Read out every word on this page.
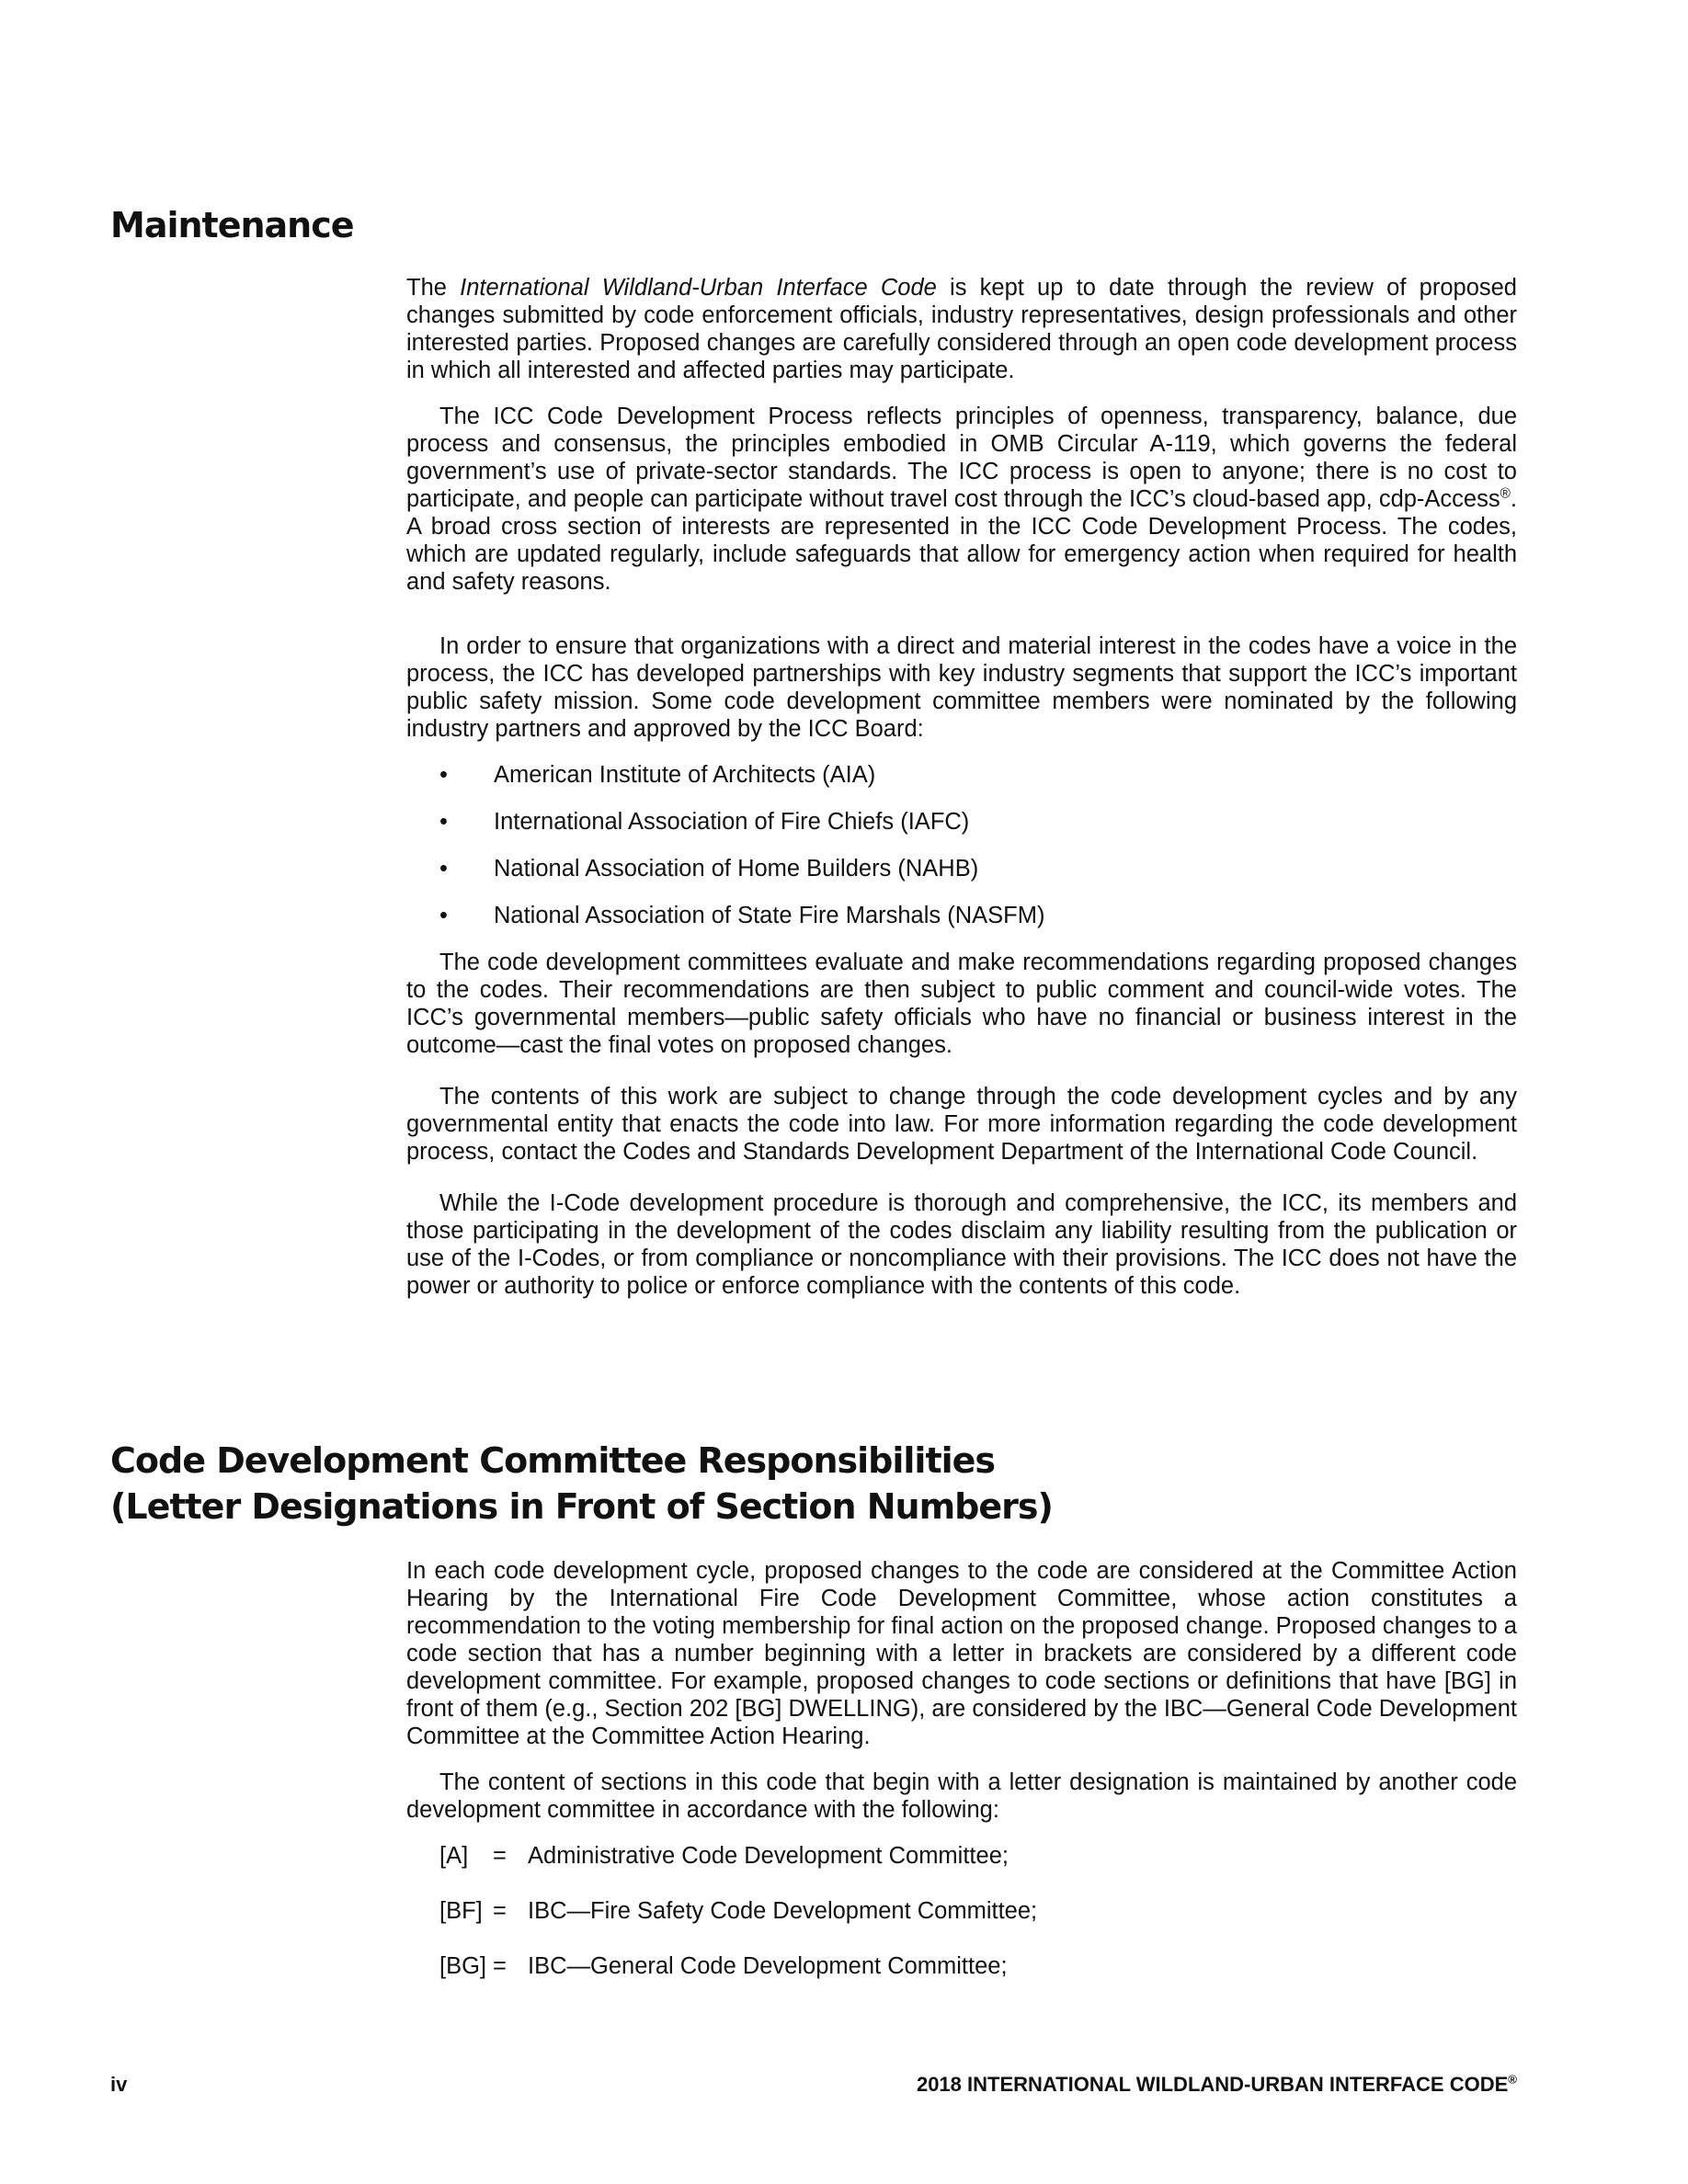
Maintenance

The International Wildland-Urban Interface Code is kept up to date through the review of proposed changes submitted by code enforcement officials, industry representatives, design professionals and other interested parties. Proposed changes are carefully considered through an open code development process in which all interested and affected parties may participate.

The ICC Code Development Process reflects principles of openness, transparency, balance, due process and consensus, the principles embodied in OMB Circular A-119, which governs the federal government’s use of private-sector standards. The ICC process is open to anyone; there is no cost to participate, and people can participate without travel cost through the ICC’s cloud-based app, cdp-Access®. A broad cross section of interests are represented in the ICC Code Development Process. The codes, which are updated regularly, include safeguards that allow for emergency action when required for health and safety reasons.

In order to ensure that organizations with a direct and material interest in the codes have a voice in the process, the ICC has developed partnerships with key industry segments that support the ICC’s important public safety mission. Some code development committee members were nominated by the following industry partners and approved by the ICC Board:

• American Institute of Architects (AIA)
• International Association of Fire Chiefs (IAFC)
• National Association of Home Builders (NAHB)
• National Association of State Fire Marshals (NASFM)

The code development committees evaluate and make recommendations regarding proposed changes to the codes. Their recommendations are then subject to public comment and council-wide votes. The ICC’s governmental members—public safety officials who have no financial or business interest in the outcome—cast the final votes on proposed changes.

The contents of this work are subject to change through the code development cycles and by any governmental entity that enacts the code into law. For more information regarding the code development process, contact the Codes and Standards Development Department of the International Code Council.

While the I-Code development procedure is thorough and comprehensive, the ICC, its members and those participating in the development of the codes disclaim any liability resulting from the publication or use of the I-Codes, or from compliance or noncompliance with their provisions. The ICC does not have the power or authority to police or enforce compliance with the contents of this code.

Code Development Committee Responsibilities
(Letter Designations in Front of Section Numbers)

In each code development cycle, proposed changes to the code are considered at the Committee Action Hearing by the International Fire Code Development Committee, whose action constitutes a recommendation to the voting membership for final action on the proposed change. Proposed changes to a code section that has a number beginning with a letter in brackets are considered by a different code development committee. For example, proposed changes to code sections or definitions that have [BG] in front of them (e.g., Section 202 [BG] DWELLING), are considered by the IBC—General Code Development Committee at the Committee Action Hearing.

The content of sections in this code that begin with a letter designation is maintained by another code development committee in accordance with the following:

[A] = Administrative Code Development Committee;
[BF] = IBC—Fire Safety Code Development Committee;
[BG] = IBC—General Code Development Committee;
iv	2018 INTERNATIONAL WILDLAND-URBAN INTERFACE CODE®
